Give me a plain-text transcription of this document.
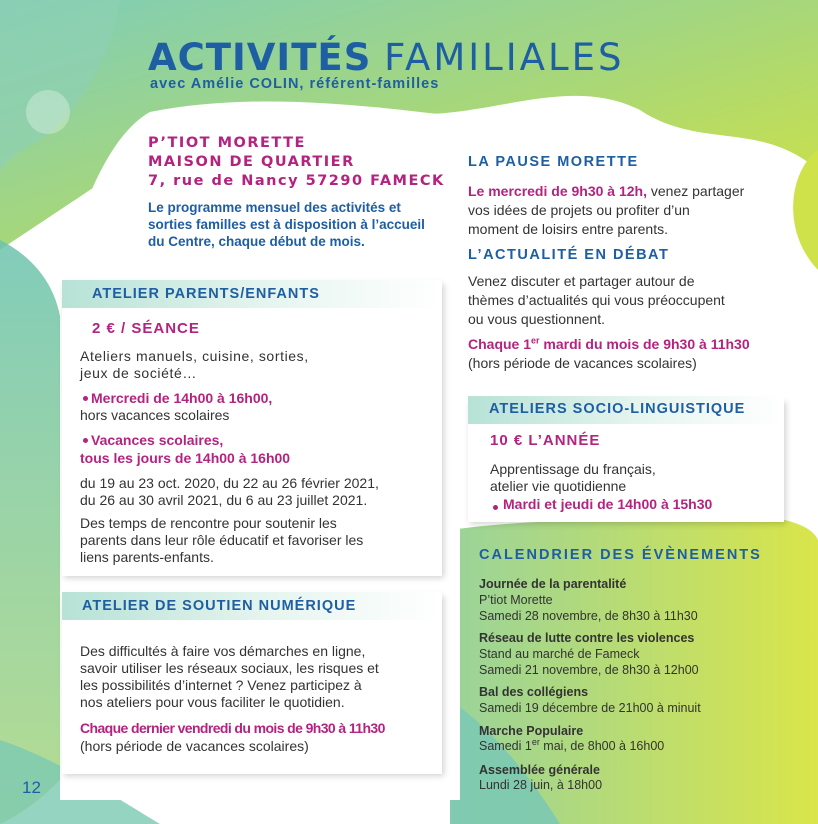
ACTIVITÉS FAMILIALES
avec Amélie COLIN, référent-familles
P’TIOT MORETTE
MAISON DE QUARTIER
7, rue de Nancy 57290 FAMECK
Le programme mensuel des activités et sorties familles est à disposition à l’accueil du Centre, chaque début de mois.
ATELIER PARENTS/ENFANTS
2 € / SÉANCE
Ateliers manuels, cuisine, sorties,
jeux de société…
Mercredi de 14h00 à 16h00,
hors vacances scolaires
Vacances scolaires,
tous les jours de 14h00 à 16h00
du 19 au 23 oct. 2020, du 22 au 26 février 2021,
du 26 au 30 avril 2021, du 6 au 23 juillet 2021.
Des temps de rencontre pour soutenir les
parents dans leur rôle éducatif et favoriser les
liens parents-enfants.
ATELIER DE SOUTIEN NUMÉRIQUE
Des difficultés à faire vos démarches en ligne,
savoir utiliser les réseaux sociaux, les risques et
les possibilités d’internet ? Venez participez à
nos ateliers pour vous faciliter le quotidien.
Chaque dernier vendredi du mois de 9h30 à 11h30
(hors période de vacances scolaires)
LA PAUSE MORETTE
Le mercredi de 9h30 à 12h, venez partager
vos idées de projets ou profiter d’un
moment de loisirs entre parents.
L’ACTUALITÉ EN DÉBAT
Venez discuter et partager autour de
thèmes d’actualités qui vous préoccupent
ou vous questionnent.
Chaque 1er mardi du mois de 9h30 à 11h30
(hors période de vacances scolaires)
ATELIERS SOCIO-LINGUISTIQUE
10 € L’ANNÉE
Apprentissage du français,
atelier vie quotidienne
Mardi et jeudi de 14h00 à 15h30
CALENDRIER DES ÉVÈNEMENTS
Journée de la parentalité
P’tiot Morette
Samedi 28 novembre, de 8h30 à 11h30
Réseau de lutte contre les violences
Stand au marché de Fameck
Samedi 21 novembre, de 8h30 à 12h00
Bal des collégiens
Samedi 19 décembre de 21h00 à minuit
Marche Populaire
Samedi 1er mai, de 8h00 à 16h00
Assemblée générale
Lundi 28 juin, à 18h00
12
